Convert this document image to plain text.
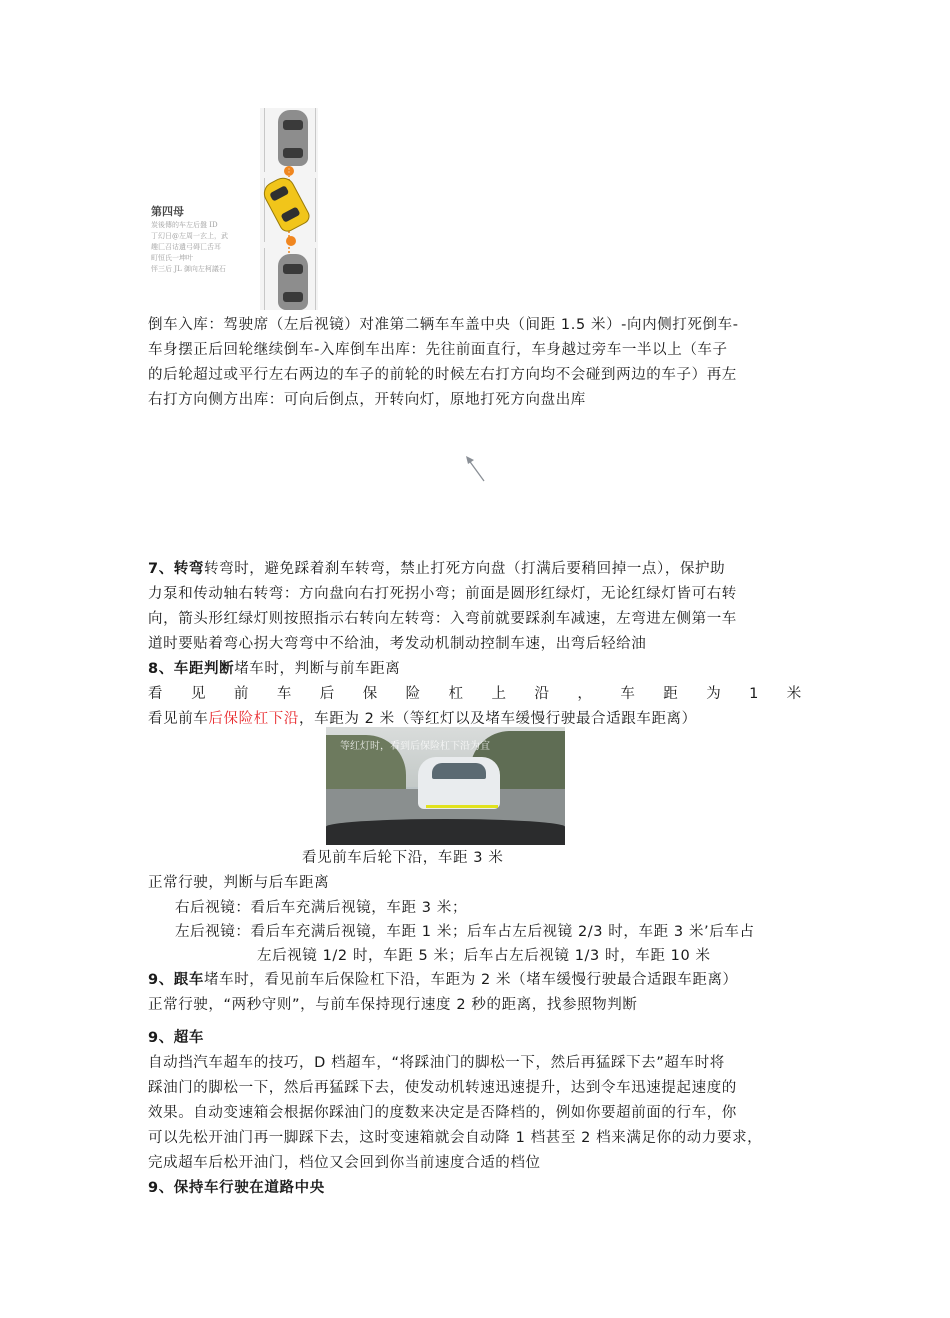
第四母
炭後傳的车左后盤 ID
丁幻日@左周一玄上，武
趣匚召诂遺弓碍匸舌耳
町恒氏一坤叶
怦三后 JL 御向左柯議石
倒车入库：驾驶席（左后视镜）对准第二辆车车盖中央（间距 1.5 米）-向内侧打死倒车-
车身摆正后回轮继续倒车-入库倒车出库：先往前面直行，车身越过旁车一半以上（车子
的后轮超过或平行左右两边的车子的前轮的时候左右打方向均不会碰到两边的车子）再左
右打方向侧方出库：可向后倒点，开转向灯，原地打死方向盘出库
7、转弯转弯时，避免踩着刹车转弯，禁止打死方向盘（打满后要稍回掉一点），保护助
力泵和传动轴右转弯：方向盘向右打死拐小弯；前面是圆形红绿灯，无论红绿灯皆可右转
向，箭头形红绿灯则按照指示右转向左转弯：入弯前就要踩刹车减速，左弯进左侧第一车
道时要贴着弯心拐大弯弯中不给油，考发动机制动控制车速，出弯后轻给油
8、车距判断堵车时，判断与前车距离
看 见 前 车 后 保 险 杠 上 沿 ， 车 距 为 1 米
看见前车后保险杠下沿，车距为 2 米（等红灯以及堵车缓慢行驶最合适跟车距离）
等红灯时，看到后保险杠下沿为宜
看见前车后轮下沿，车距 3 米
正常行驶，判断与后车距离
右后视镜：看后车充满后视镜，车距 3 米；
左后视镜：看后车充满后视镜，车距 1 米；后车占左后视镜 2/3 时，车距 3 米’后车占
左后视镜 1/2 时，车距 5 米；后车占左后视镜 1/3 时，车距 10 米
9、跟车堵车时，看见前车后保险杠下沿，车距为 2 米（堵车缓慢行驶最合适跟车距离）
正常行驶，“两秒守则”，与前车保持现行速度 2 秒的距离，找参照物判断
9、超车
自动挡汽车超车的技巧，D 档超车，“将踩油门的脚松一下，然后再猛踩下去”超车时将
踩油门的脚松一下，然后再猛踩下去，使发动机转速迅速提升，达到令车迅速提起速度的
效果。自动变速箱会根据你踩油门的度数来决定是否降档的，例如你要超前面的行车，你
可以先松开油门再一脚踩下去，这时变速箱就会自动降 1 档甚至 2 档来满足你的动力要求，
完成超车后松开油门，档位又会回到你当前速度合适的档位
9、保持车行驶在道路中央
